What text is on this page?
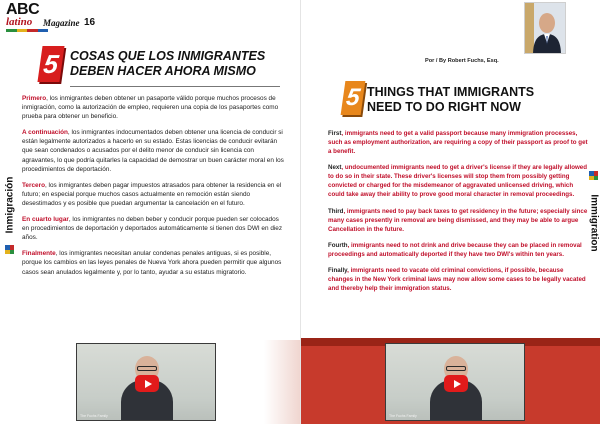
ABC
latino Magazine 16
5 COSAS QUE LOS INMIGRANTES
DEBEN HACER AHORA MISMO

Primero, los inmigrantes deben obtener un pasaporte válido porque muchos procesos de inmigración, como la autorización de empleo, requieren una copia de los pasaportes como prueba para obtener un beneficio.

A continuación, los inmigrantes indocumentados deben obtener una licencia de conducir si están legalmente autorizados a hacerlo en su estado. Estas licencias de conducir evitarán que sean condenados o acusados por el delito menor de conducir sin licencia con agravantes, lo que podría quitarles la capacidad de demostrar un buen carácter moral en los procedimientos de deportación.

Tercero, los inmigrantes deben pagar impuestos atrasados para obtener la residencia en el futuro; en especial porque muchos casos actualmente en remoción están siendo desestimados y es posible que puedan argumentar la cancelación en el futuro.

En cuarto lugar, los inmigrantes no deben beber y conducir porque pueden ser colocados en procedimientos de deportación y deportados automáticamente si tienen dos DWI en diez años.

Finalmente, los inmigrantes necesitan anular condenas penales antiguas, si es posible, porque los cambios en las leyes penales de Nueva York ahora pueden permitir que algunos casos sean anulados legalmente y, por lo tanto, ayudar a su estatus migratorio.

Inmigración
The Fuchs Family
Por / By Robert Fuchs, Esq.
5 THINGS THAT IMMIGRANTS
NEED TO DO RIGHT NOW

First, immigrants need to get a valid passport because many immigration processes, such as employment authorization, are requiring a copy of their passport as proof to get a benefit.

Next, undocumented immigrants need to get a driver's license if they are legally allowed to do so in their state. These driver's licenses will stop them from possibly getting convicted or charged for the misdemeanor of aggravated unlicensed driving, which could take away their ability to prove good moral character in removal proceedings.

Third, immigrants need to pay back taxes to get residency in the future; especially since many cases presently in removal are being dismissed, and they may be able to argue Cancellation in the future.

Fourth, immigrants need to not drink and drive because they can be placed in removal proceedings and automatically deported if they have two DWI's within ten years.

Finally, immigrants need to vacate old criminal convictions, if possible, because changes in the New York criminal laws may now allow some cases to be legally vacated and thereby help their immigration status.

Immigration
The Fuchs Family
